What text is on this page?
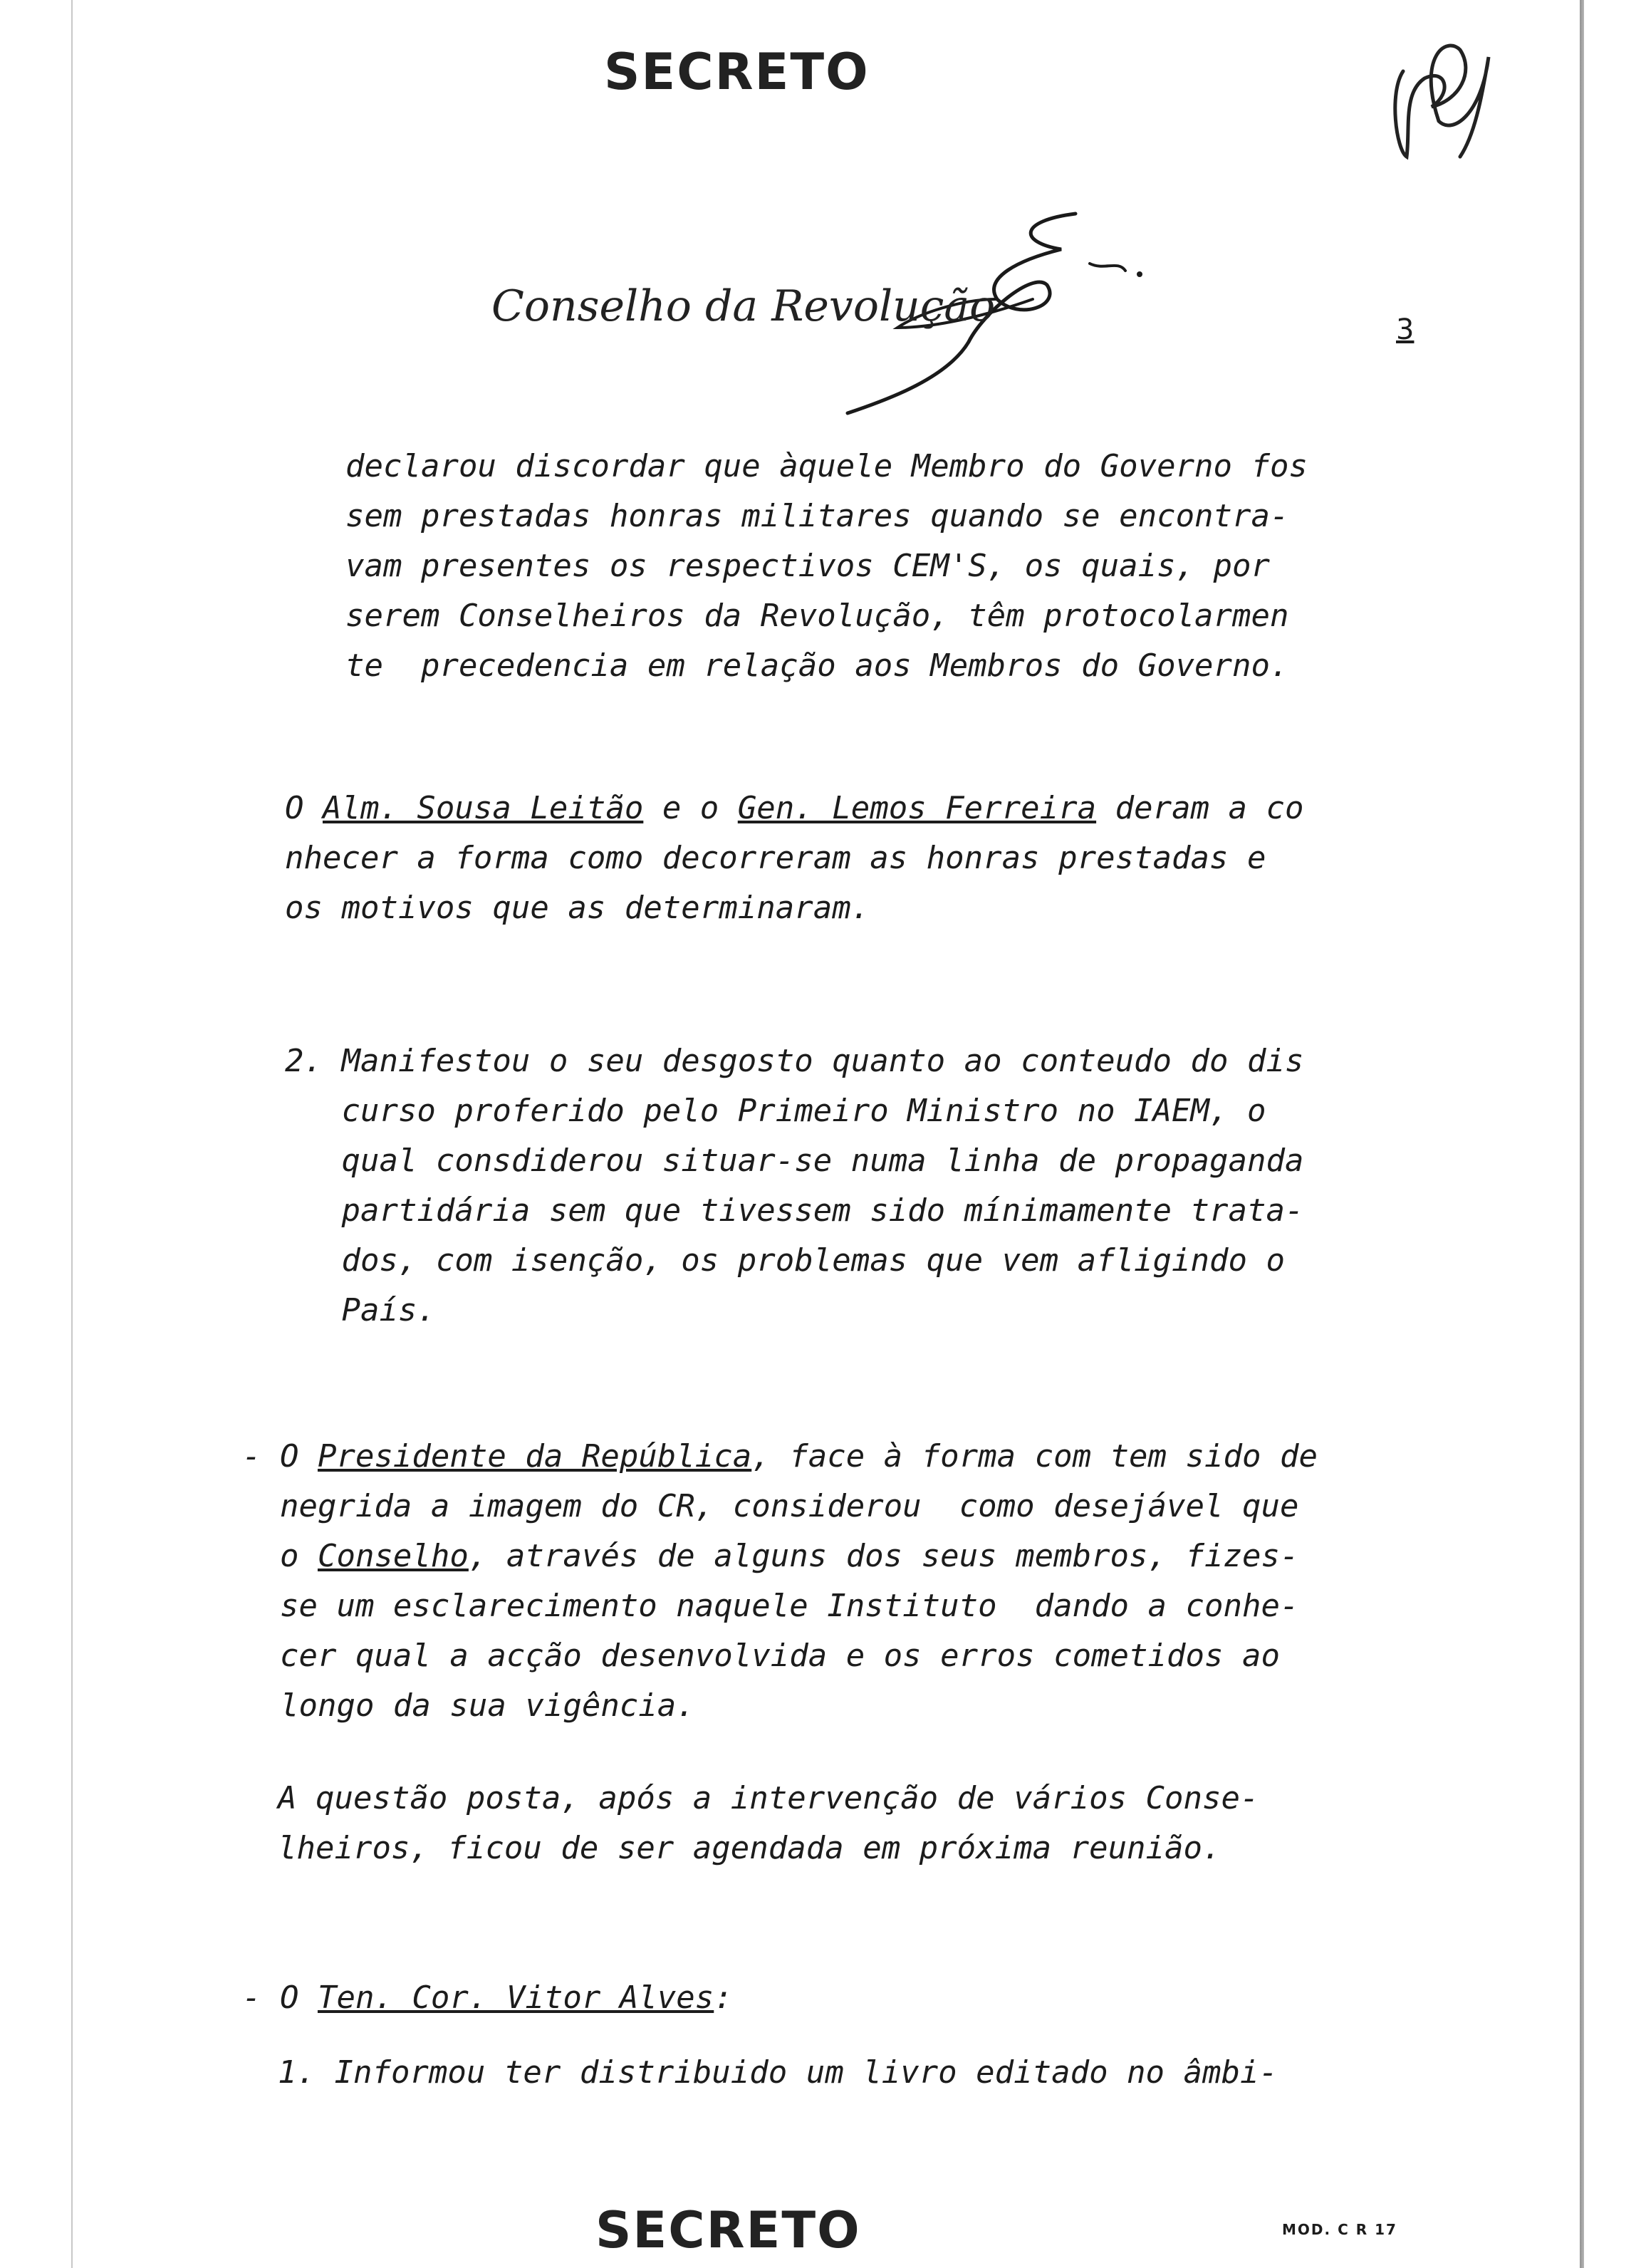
SECRETO
Conselho da Revolução	3
declarou discordar que àquele Membro do Governo fos
sem prestadas honras militares quando se encontra-
vam presentes os respectivos CEM'S, os quais, por
serem Conselheiros da Revolução, têm protocolarmen
te  precedencia em relação aos Membros do Governo.
O Alm. Sousa Leitão e o Gen. Lemos Ferreira deram a co
nhecer a forma como decorreram as honras prestadas e
os motivos que as determinaram.
2. Manifestou o seu desgosto quanto ao conteudo do dis
curso proferido pelo Primeiro Ministro no IAEM, o
qual consdiderou situar-se numa linha de propaganda
partidária sem que tivessem sido mínimamente trata-
dos, com isenção, os problemas que vem afligindo o
País.
- O Presidente da República, face à forma com tem sido de
negrida a imagem do CR, considerou  como desejável que
o Conselho, através de alguns dos seus membros, fizes-
se um esclarecimento naquele Instituto  dando a conhe-
cer qual a acção desenvolvida e os erros cometidos ao
longo da sua vigência.
A questão posta, após a intervenção de vários Conse-
lheiros, ficou de ser agendada em próxima reunião.
- O Ten. Cor. Vitor Alves:
1. Informou ter distribuido um livro editado no âmbi-
SECRETO	MOD. C R 17
